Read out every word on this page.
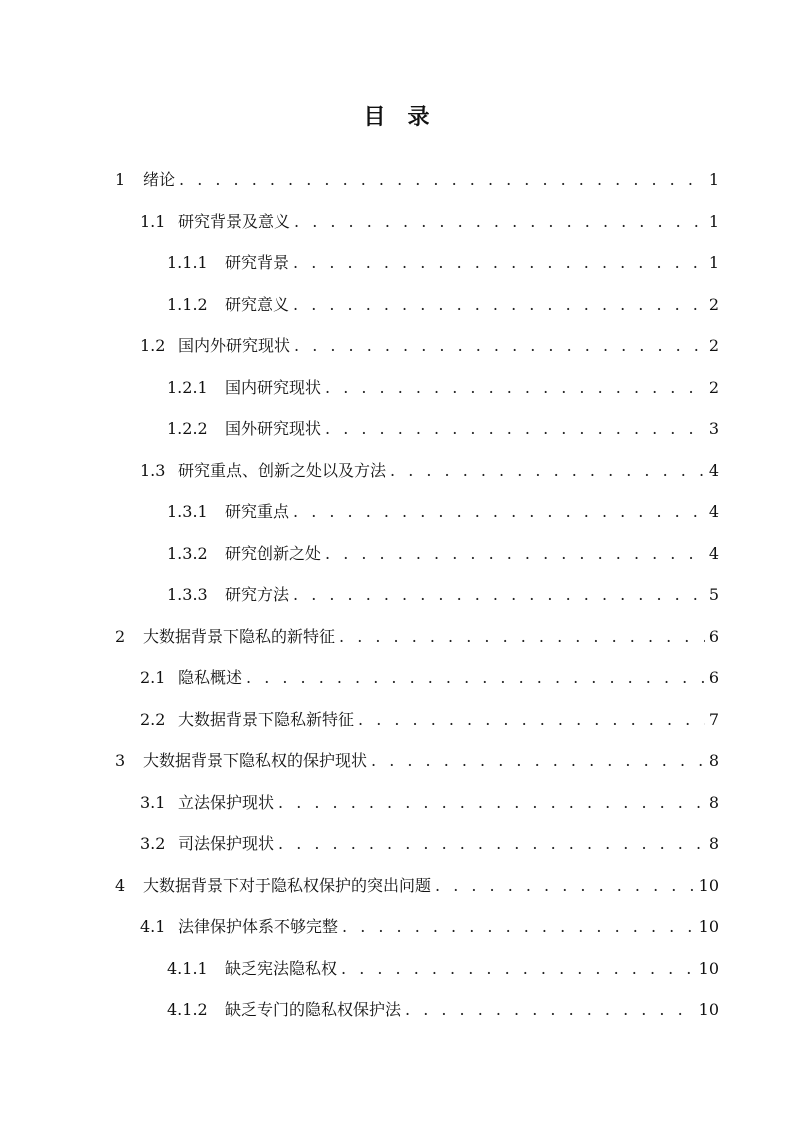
目　录
1	绪论 . . .	1
1.1 研究背景及意义 . . .	1
1.1.1	研究背景 . . .	1
1.1.2	研究意义 . . .	2
1.2 国内外研究现状 . . .	2
1.2.1	国内研究现状 . . .	2
1.2.2	国外研究现状 . . .	3
1.3 研究重点、创新之处以及方法 . . .	4
1.3.1	研究重点 . . .	4
1.3.2	研究创新之处 . . .	4
1.3.3	研究方法 . . .	5
2	大数据背景下隐私的新特征 . . .	6
2.1 隐私概述 . . .	6
2.2 大数据背景下隐私新特征 . . .	7
3	大数据背景下隐私权的保护现状 . . .	8
3.1 立法保护现状 . . .	8
3.2 司法保护现状 . . .	8
4	大数据背景下对于隐私权保护的突出问题 . . .	10
4.1 法律保护体系不够完整 . . .	10
4.1.1	缺乏宪法隐私权 . . .	10
4.1.2	缺乏专门的隐私权保护法 . . .	10
